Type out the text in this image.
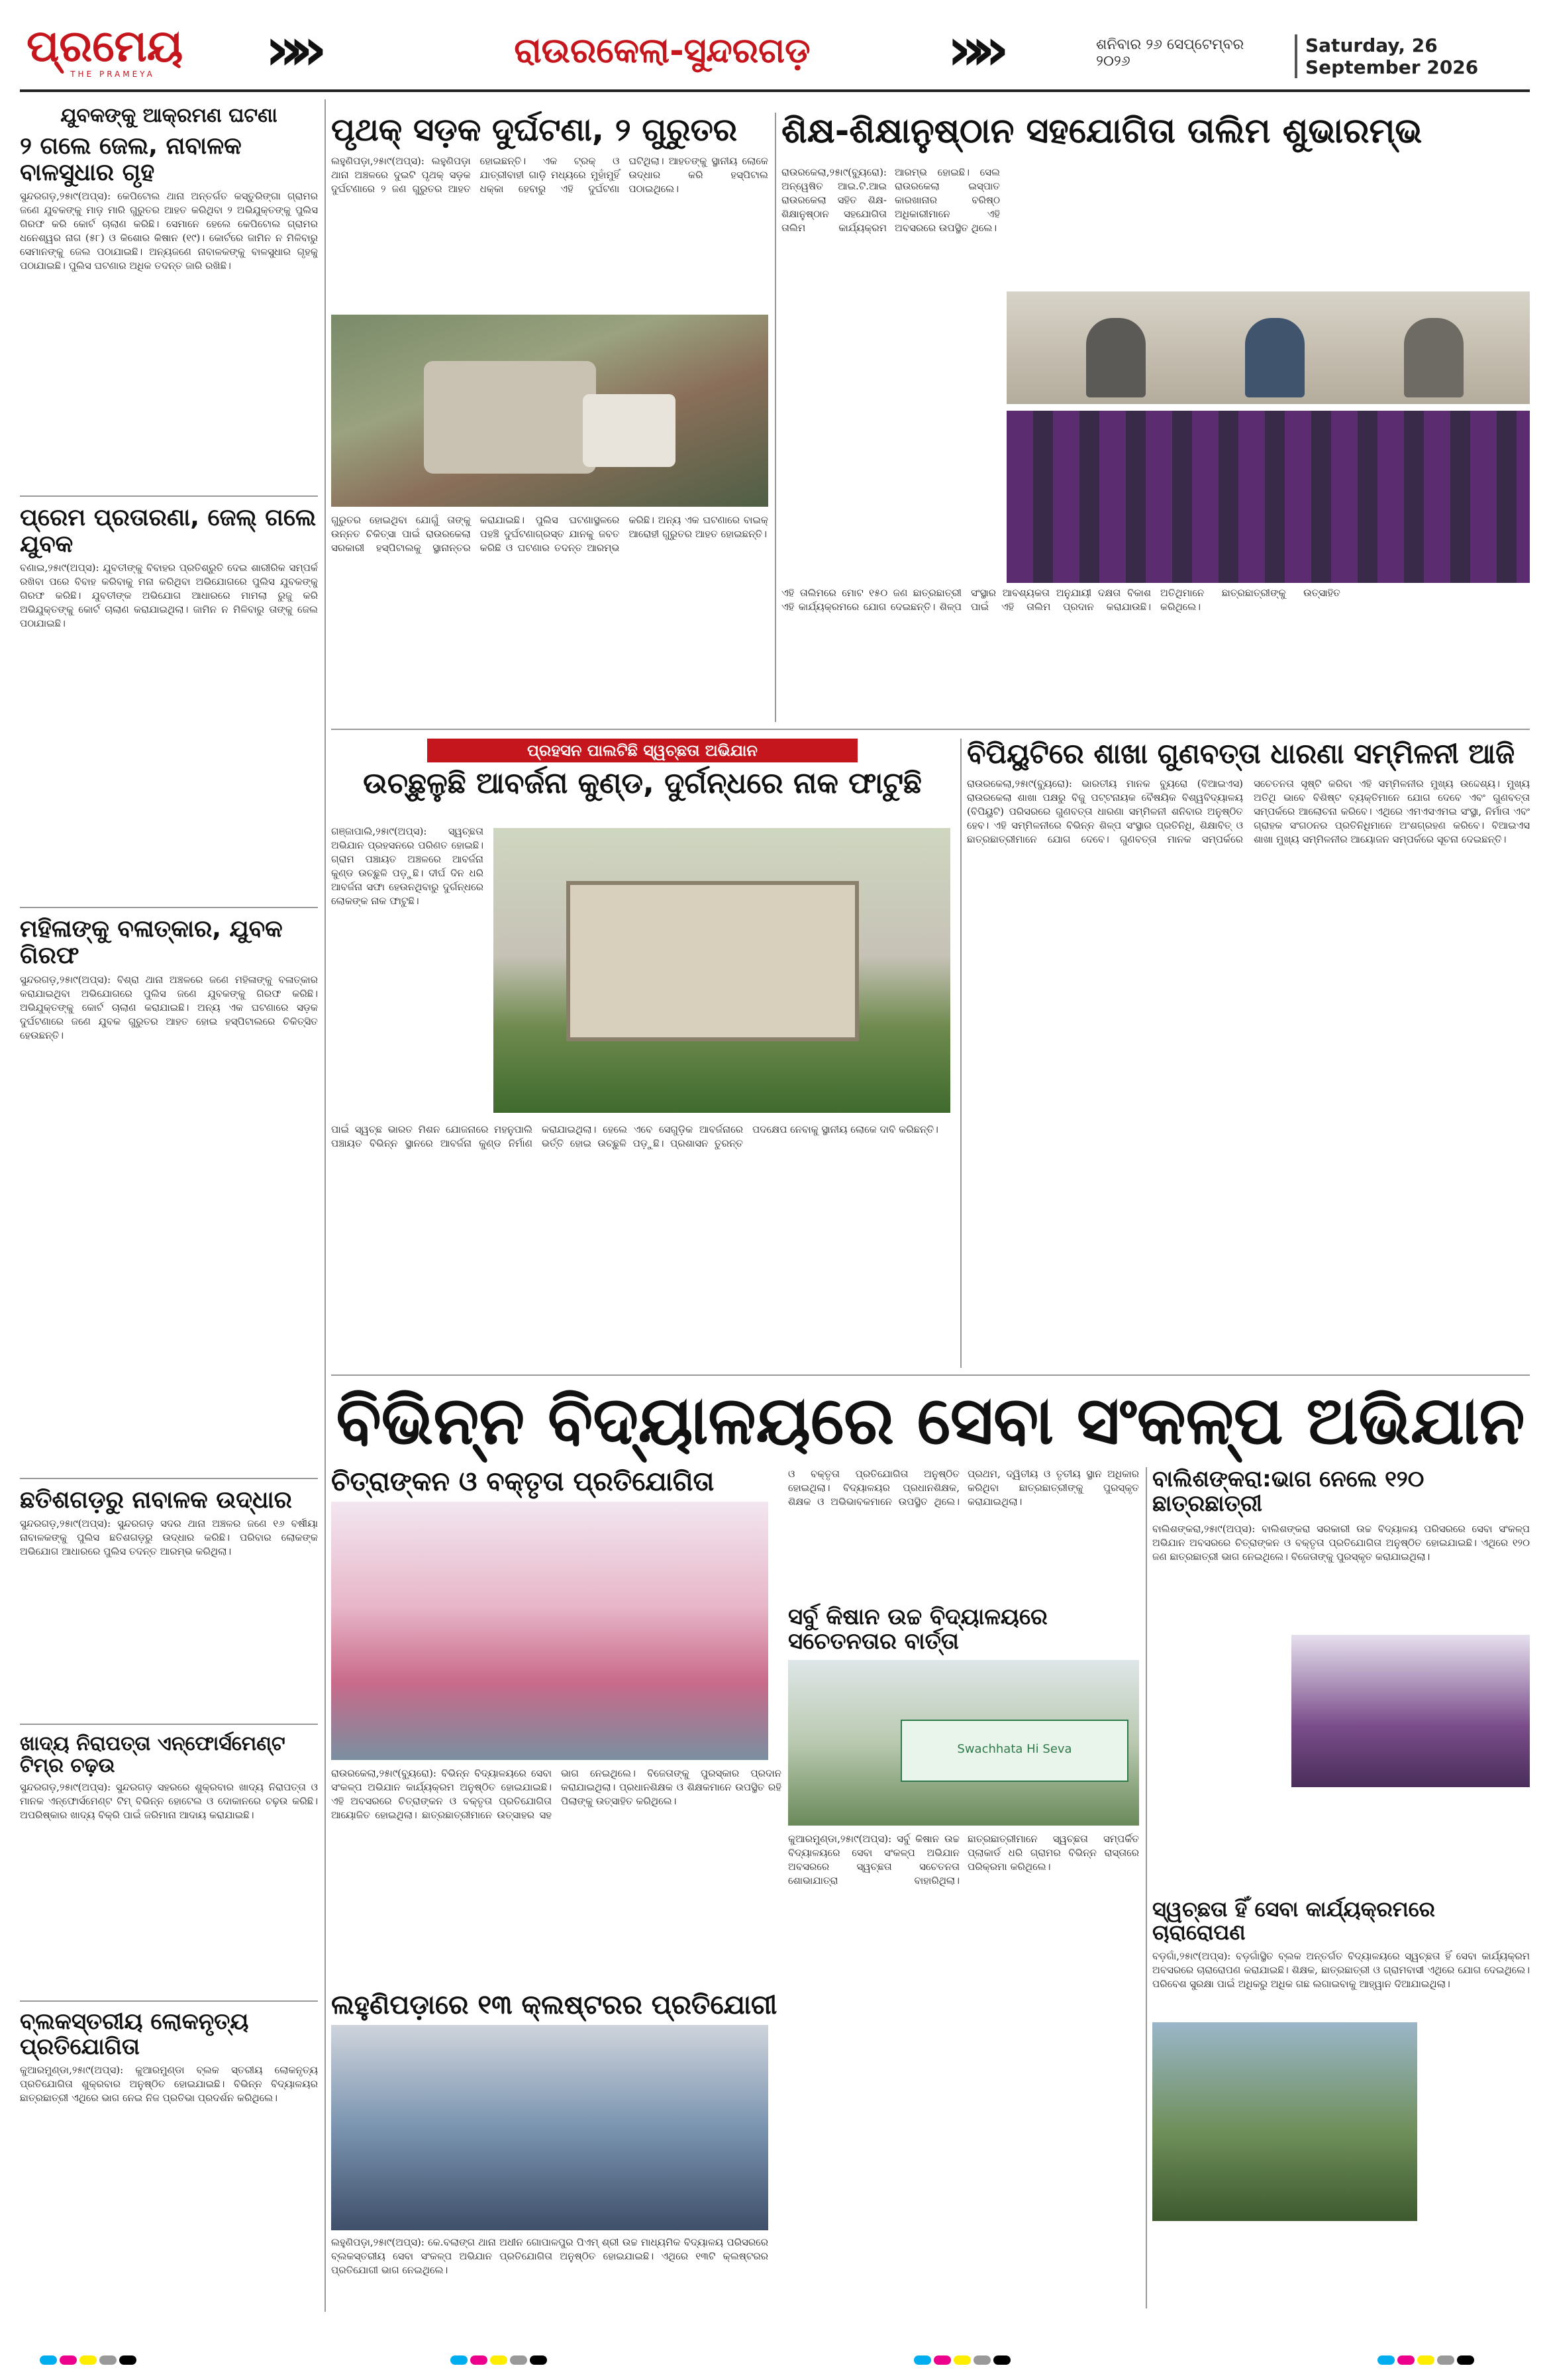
ପ୍ରମେୟ
THE PRAMEYA	»»	ରାଉରକେଲା-ସୁନ୍ଦରଗଡ଼	»»	ଶନିବାର ୨୬ ସେପ୍ଟେମ୍ବର ୨୦୨୬
Saturday, 26 September 2026
ଯୁବକଙ୍କୁ ଆକ୍ରମଣ ଘଟଣା
୨ ଗଲେ ଜେଲ, ନାବାଳକ ବାଳସୁଧାର ଗୃହ
ସୁନ୍ଦରଗଡ଼,୨୫ା୯(ଅପ୍ସ): କେପିଟୋଲ ଥାନା ଅନ୍ତର୍ଗତ କସ୍ତୁରିଙ୍ଗା ଗ୍ରାମର ଜଣେ ଯୁବକଙ୍କୁ ମାଡ଼ ମାରି ଗୁରୁତର ଆହତ କରିଥିବା ୨ ଅଭିଯୁକ୍ତଙ୍କୁ ପୁଲିସ ଗିରଫ କରି କୋର୍ଟ ଚାଲାଣ କରିଛି। ସେମାନେ ହେଲେ କେପିଟୋଲ ଗ୍ରାମର ଧନେଶ୍ୱର ନାଗ (୫୮) ଓ କିଶୋର କିଷାନ (୧୯)। କୋର୍ଟରେ ଜାମିନ ନ ମିଳିବାରୁ ସେମାନଙ୍କୁ ଜେଲ ପଠାଯାଇଛି। ଅନ୍ୟଜଣେ ନାବାଳକଙ୍କୁ ବାଳସୁଧାର ଗୃହକୁ ପଠାଯାଇଛି। ପୁଲିସ ଘଟଣାର ଅଧିକ ତଦନ୍ତ ଜାରି ରଖିଛି।
ପ୍ରେମ ପ୍ରତାରଣା, ଜେଲ୍ ଗଲେ ଯୁବକ
ବଣାଇ,୨୫ା୯(ଅପ୍ସ): ଯୁବତୀଙ୍କୁ ବିବାହର ପ୍ରତିଶ୍ରୁତି ଦେଇ ଶାରୀରିକ ସମ୍ପର୍କ ରଖିବା ପରେ ବିବାହ କରିବାକୁ ମନା କରିଥିବା ଅଭିଯୋଗରେ ପୁଲିସ ଯୁବକଙ୍କୁ ଗିରଫ କରିଛି। ଯୁବତୀଙ୍କ ଅଭିଯୋଗ ଆଧାରରେ ମାମଲା ରୁଜୁ କରି ଅଭିଯୁକ୍ତଙ୍କୁ କୋର୍ଟ ଚାଲାଣ କରାଯାଇଥିଲା। ଜାମିନ ନ ମିଳିବାରୁ ତାଙ୍କୁ ଜେଲ ପଠାଯାଇଛି।
ମହିଳାଙ୍କୁ ବଳାତ୍କାର, ଯୁବକ ଗିରଫ
ସୁନ୍ଦରଗଡ଼,୨୫ା୯(ଅପ୍ସ): ବିଶ୍ରା ଥାନା ଅଞ୍ଚଳରେ ଜଣେ ମହିଳାଙ୍କୁ ବଳାତ୍କାର କରାଯାଇଥିବା ଅଭିଯୋଗରେ ପୁଲିସ ଜଣେ ଯୁବକଙ୍କୁ ଗିରଫ କରିଛି। ଅଭିଯୁକ୍ତଙ୍କୁ କୋର୍ଟ ଚାଲାଣ କରାଯାଇଛି। ଅନ୍ୟ ଏକ ଘଟଣାରେ ସଡ଼କ ଦୁର୍ଘଟଣାରେ ଜଣେ ଯୁବକ ଗୁରୁତର ଆହତ ହୋଇ ହସ୍ପିଟାଲରେ ଚିକିତ୍ସିତ ହେଉଛନ୍ତି।
ଛତିଶଗଡ଼ରୁ ନାବାଳକ ଉଦ୍ଧାର
ସୁନ୍ଦରଗଡ଼,୨୫ା୯(ଅପ୍ସ): ସୁନ୍ଦରଗଡ଼ ସଦର ଥାନା ଅଞ୍ଚଳର ଜଣେ ୧୬ ବର୍ଷୀୟା ନାବାଳକଙ୍କୁ ପୁଲିସ ଛତିଶଗଡ଼ରୁ ଉଦ୍ଧାର କରିଛି। ପରିବାର ଲୋକଙ୍କ ଅଭିଯୋଗ ଆଧାରରେ ପୁଲିସ ତଦନ୍ତ ଆରମ୍ଭ କରିଥିଲା।
ଖାଦ୍ୟ ନିରାପତ୍ତା ଏନ୍‌ଫୋର୍ସମେଣ୍ଟ ଟିମ୍‌ର ଚଢ଼ଉ
ସୁନ୍ଦରଗଡ଼,୨୫ା୯(ଅପ୍ସ): ସୁନ୍ଦରଗଡ଼ ସହରରେ ଶୁକ୍ରବାର ଖାଦ୍ୟ ନିରାପତ୍ତା ଓ ମାନକ ଏନ୍‌ଫୋର୍ସମେଣ୍ଟ ଟିମ୍ ବିଭିନ୍ନ ହୋଟେଲ ଓ ଦୋକାନରେ ଚଢ଼ଉ କରିଛି। ଅପରିଷ୍କାର ଖାଦ୍ୟ ବିକ୍ରି ପାଇଁ ଜରିମାନା ଆଦାୟ କରାଯାଇଛି।
ବ୍ଲକସ୍ତରୀୟ ଲୋକନୃତ୍ୟ ପ୍ରତିଯୋଗିତା
କୁଆରମୁଣ୍ଡା,୨୫ା୯(ଅପ୍ସ): କୁଆରମୁଣ୍ଡା ବ୍ଲକ ସ୍ତରୀୟ ଲୋକନୃତ୍ୟ ପ୍ରତିଯୋଗିତା ଶୁକ୍ରବାର ଅନୁଷ୍ଠିତ ହୋଇଯାଇଛି। ବିଭିନ୍ନ ବିଦ୍ୟାଳୟର ଛାତ୍ରଛାତ୍ରୀ ଏଥିରେ ଭାଗ ନେଇ ନିଜ ପ୍ରତିଭା ପ୍ରଦର୍ଶନ କରିଥିଲେ।
ପୃଥକ୍ ସଡ଼କ ଦୁର୍ଘଟଣା, ୨ ଗୁରୁତର
ଲହୁଣିପଡ଼ା,୨୫ା୯(ଅପ୍ସ): ଲହୁଣିପଡ଼ା ଥାନା ଅଞ୍ଚଳରେ ଦୁଇଟି ପୃଥକ୍ ସଡ଼କ ଦୁର୍ଘଟଣାରେ ୨ ଜଣ ଗୁରୁତର ଆହତ ହୋଇଛନ୍ତି। ଏକ ଟ୍ରକ୍ ଓ ଯାତ୍ରୀବାହୀ ଗାଡ଼ି ମଧ୍ୟରେ ମୁହାଁମୁହିଁ ଧକ୍କା ହେବାରୁ ଏହି ଦୁର୍ଘଟଣା ଘଟିଥିଲା। ଆହତଙ୍କୁ ସ୍ଥାନୀୟ ଲୋକେ ଉଦ୍ଧାର କରି ହସ୍ପିଟାଲ ପଠାଇଥିଲେ।
ଗୁରୁତର ହୋଇଥିବା ଯୋଗୁଁ ତାଙ୍କୁ ଉନ୍ନତ ଚିକିତ୍ସା ପାଇଁ ରାଉରକେଲା ସରକାରୀ ହସ୍ପିଟାଲକୁ ସ୍ଥାନାନ୍ତର କରାଯାଇଛି। ପୁଲିସ ଘଟଣାସ୍ଥଳରେ ପହଞ୍ଚି ଦୁର୍ଘଟଣାଗ୍ରସ୍ତ ଯାନକୁ ଜବତ କରିଛି ଓ ଘଟଣାର ତଦନ୍ତ ଆରମ୍ଭ କରିଛି। ଅନ୍ୟ ଏକ ଘଟଣାରେ ବାଇକ୍ ଆରୋହୀ ଗୁରୁତର ଆହତ ହୋଇଛନ୍ତି।
ଶିକ୍ଷ-ଶିକ୍ଷାନୁଷ୍ଠାନ ସହଯୋଗିତା ତାଲିମ ଶୁଭାରମ୍ଭ
ରାଉରକେଲା,୨୫ା୯(ବ୍ୟୁରୋ): ଅନ୍ୱେଷିତ ଆଇ.ଟି.ଆଇ ରାଉରକେଲା ସହିତ ଶିକ୍ଷ-ଶିକ୍ଷାନୁଷ୍ଠାନ ସହଯୋଗିତା ତାଲିମ କାର୍ଯ୍ୟକ୍ରମ ଆରମ୍ଭ ହୋଇଛି। ସେଲ ରାଉରକେଲା ଇସ୍ପାତ କାରଖାନାର ବରିଷ୍ଠ ଅଧିକାରୀମାନେ ଏହି ଅବସରରେ ଉପସ୍ଥିତ ଥିଲେ।
ଏହି ତାଲିମରେ ମୋଟ ୧୫୦ ଜଣ ଛାତ୍ରଛାତ୍ରୀ ଏହି କାର୍ଯ୍ୟକ୍ରମରେ ଯୋଗ ଦେଇଛନ୍ତି। ଶିଳ୍ପ ସଂସ୍ଥାର ଆବଶ୍ୟକତା ଅନୁଯାୟୀ ଦକ୍ଷତା ବିକାଶ ପାଇଁ ଏହି ତାଲିମ ପ୍ରଦାନ କରାଯାଉଛି। ଅତିଥିମାନେ ଛାତ୍ରଛାତ୍ରୀଙ୍କୁ ଉତ୍ସାହିତ କରିଥିଲେ।
ପ୍ରହସନ ପାଲଟିଛି ସ୍ୱଚ୍ଛତା ଅଭିଯାନ
ଉଚ୍ଛୁଳୁଛି ଆବର୍ଜନା କୁଣ୍ଡ, ଦୁର୍ଗନ୍ଧରେ ନାକ ଫାଟୁଛି
ଗଞ୍ଜାପାଲି,୨୫ା୯(ଅପ୍ସ): ସ୍ୱଚ୍ଛତା ଅଭିଯାନ ପ୍ରହସନରେ ପରିଣତ ହୋଇଛି। ଗ୍ରାମ ପଞ୍ଚାୟତ ଅଞ୍ଚଳରେ ଆବର୍ଜନା କୁଣ୍ଡ ଉଚ୍ଛୁଳି ପଡ଼ୁଛି। ଦୀର୍ଘ ଦିନ ଧରି ଆବର୍ଜନା ସଫା ହେଉନଥିବାରୁ ଦୁର୍ଗନ୍ଧରେ ଲୋକଙ୍କ ନାକ ଫାଟୁଛି।
ପାଇଁ ସ୍ୱଚ୍ଛ ଭାରତ ମିଶନ ଯୋଜନାରେ ମହନୁପାଲି ପଞ୍ଚାୟତ ବିଭିନ୍ନ ସ୍ଥାନରେ ଆବର୍ଜନା କୁଣ୍ଡ ନିର୍ମାଣ କରାଯାଇଥିଲା। ହେଲେ ଏବେ ସେଗୁଡ଼ିକ ଆବର୍ଜନାରେ ଭର୍ତ୍ତି ହୋଇ ଉଚ୍ଛୁଳି ପଡ଼ୁଛି। ପ୍ରଶାସନ ତୁରନ୍ତ ପଦକ୍ଷେପ ନେବାକୁ ସ୍ଥାନୀୟ ଲୋକେ ଦାବି କରିଛନ୍ତି।
ବିପିୟୁଟିରେ ଶାଖା ଗୁଣବତ୍ତା ଧାରଣା ସମ୍ମିଳନୀ ଆଜି
ରାଉରକେଲା,୨୫ା୯(ବ୍ୟୁରୋ): ଭାରତୀୟ ମାନକ ବ୍ୟୁରୋ (ବିଆଇଏସ) ରାଉରକେଲା ଶାଖା ପକ୍ଷରୁ ବିଜୁ ପଟ୍ଟନାୟକ ବୈଷୟିକ ବିଶ୍ୱବିଦ୍ୟାଳୟ (ବିପିୟୁଟି) ପରିସରରେ ଗୁଣବତ୍ତା ଧାରଣା ସମ୍ମିଳନୀ ଶନିବାର ଅନୁଷ୍ଠିତ ହେବ। ଏହି ସମ୍ମିଳନୀରେ ବିଭିନ୍ନ ଶିଳ୍ପ ସଂସ୍ଥାର ପ୍ରତିନିଧି, ଶିକ୍ଷାବିତ୍ ଓ ଛାତ୍ରଛାତ୍ରୀମାନେ ଯୋଗ ଦେବେ। ଗୁଣବତ୍ତା ମାନକ ସମ୍ପର୍କରେ ସଚେତନତା ସୃଷ୍ଟି କରିବା ଏହି ସମ୍ମିଳନୀର ମୁଖ୍ୟ ଉଦ୍ଦେଶ୍ୟ। ମୁଖ୍ୟ ଅତିଥି ଭାବେ ବିଶିଷ୍ଟ ବ୍ୟକ୍ତିମାନେ ଯୋଗ ଦେବେ ଏବଂ ଗୁଣବତ୍ତା ସମ୍ପର୍କରେ ଆଲୋଚନା କରିବେ। ଏଥିରେ ଏମଏସଏମଇ ସଂସ୍ଥା, ନିର୍ମାତା ଏବଂ ଗ୍ରାହକ ସଂଗଠନର ପ୍ରତିନିଧିମାନେ ଅଂଶଗ୍ରହଣ କରିବେ। ବିଆଇଏସ ଶାଖା ମୁଖ୍ୟ ସମ୍ମିଳନୀର ଆୟୋଜନ ସମ୍ପର୍କରେ ସୂଚନା ଦେଇଛନ୍ତି।
ବିଭିନ୍ନ ବିଦ୍ୟାଳୟରେ ସେବା ସଂକଳ୍ପ ଅଭିଯାନ
ଚିତ୍ରାଙ୍କନ ଓ ବକ୍ତୃତା ପ୍ରତିଯୋଗିତା
ରାଉରକେଲା,୨୫ା୯(ବ୍ୟୁରୋ): ବିଭିନ୍ନ ବିଦ୍ୟାଳୟରେ ସେବା ସଂକଳ୍ପ ଅଭିଯାନ କାର୍ଯ୍ୟକ୍ରମ ଅନୁଷ୍ଠିତ ହୋଇଯାଇଛି। ଏହି ଅବସରରେ ଚିତ୍ରାଙ୍କନ ଓ ବକ୍ତୃତା ପ୍ରତିଯୋଗିତା ଆୟୋଜିତ ହୋଇଥିଲା। ଛାତ୍ରଛାତ୍ରୀମାନେ ଉତ୍ସାହର ସହ ଭାଗ ନେଇଥିଲେ। ବିଜେତାଙ୍କୁ ପୁରସ୍କାର ପ୍ରଦାନ କରାଯାଇଥିଲା। ପ୍ରଧାନଶିକ୍ଷକ ଓ ଶିକ୍ଷକମାନେ ଉପସ୍ଥିତ ରହି ପିଲାଙ୍କୁ ଉତ୍ସାହିତ କରିଥିଲେ।
ଓ ବକ୍ତୃତା ପ୍ରତିଯୋଗିତା ଅନୁଷ୍ଠିତ ହୋଇଥିଲା। ବିଦ୍ୟାଳୟର ପ୍ରଧାନଶିକ୍ଷକ, ଶିକ୍ଷକ ଓ ଅଭିଭାବକମାନେ ଉପସ୍ଥିତ ଥିଲେ। ପ୍ରଥମ, ଦ୍ୱିତୀୟ ଓ ତୃତୀୟ ସ୍ଥାନ ଅଧିକାର କରିଥିବା ଛାତ୍ରଛାତ୍ରୀଙ୍କୁ ପୁରସ୍କୃତ କରାଯାଇଥିଲା।
ସର୍ବୁ କିଷାନ ଉଚ୍ଚ ବିଦ୍ୟାଳୟରେ ସଚେତନତାର ବାର୍ତ୍ତା
Swachhata Hi Seva
କୁଆରମୁଣ୍ଡା,୨୫ା୯(ଅପ୍ସ): ସର୍ବୁ କିଷାନ ଉଚ୍ଚ ବିଦ୍ୟାଳୟରେ ସେବା ସଂକଳ୍ପ ଅଭିଯାନ ଅବସରରେ ସ୍ୱଚ୍ଛତା ସଚେତନତା ଶୋଭାଯାତ୍ରା ବାହାରିଥିଲା। ଛାତ୍ରଛାତ୍ରୀମାନେ ସ୍ୱଚ୍ଛତା ସମ୍ପର୍କିତ ପ୍ଲାକାର୍ଡ ଧରି ଗ୍ରାମର ବିଭିନ୍ନ ରାସ୍ତାରେ ପରିକ୍ରମା କରିଥିଲେ।
ବାଲିଶଙ୍କରା:ଭାଗ ନେଲେ ୧୨୦ ଛାତ୍ରଛାତ୍ରୀ
ବାଲିଶଙ୍କରା,୨୫ା୯(ଅପ୍ସ): ବାଲିଶଙ୍କରା ସରକାରୀ ଉଚ୍ଚ ବିଦ୍ୟାଳୟ ପରିସରରେ ସେବା ସଂକଳ୍ପ ଅଭିଯାନ ଅବସରରେ ଚିତ୍ରାଙ୍କନ ଓ ବକ୍ତୃତା ପ୍ରତିଯୋଗିତା ଅନୁଷ୍ଠିତ ହୋଇଯାଇଛି। ଏଥିରେ ୧୨୦ ଜଣ ଛାତ୍ରଛାତ୍ରୀ ଭାଗ ନେଇଥିଲେ। ବିଜେତାଙ୍କୁ ପୁରସ୍କୃତ କରାଯାଇଥିଲା।
ସ୍ୱଚ୍ଛତା ହିଁ ସେବା କାର୍ଯ୍ୟକ୍ରମରେ ଚାରାରୋପଣ
ବଡ଼ଗାଁ,୨୫ା୯(ଅପ୍ସ): ବଡ଼ଗାଁସ୍ଥିତ ବ୍ଲକ ଅନ୍ତର୍ଗତ ବିଦ୍ୟାଳୟରେ ସ୍ୱଚ୍ଛତା ହିଁ ସେବା କାର୍ଯ୍ୟକ୍ରମ ଅବସରରେ ଚାରାରୋପଣ କରାଯାଇଛି। ଶିକ୍ଷକ, ଛାତ୍ରଛାତ୍ରୀ ଓ ଗ୍ରାମବାସୀ ଏଥିରେ ଯୋଗ ଦେଇଥିଲେ। ପରିବେଶ ସୁରକ୍ଷା ପାଇଁ ଅଧିକରୁ ଅଧିକ ଗଛ ଲଗାଇବାକୁ ଆହ୍ୱାନ ଦିଆଯାଇଥିଲା।
ଲହୁଣିପଡ଼ାରେ ୧୩ କ୍ଲଷ୍ଟରର ପ୍ରତିଯୋଗୀ
ଲହୁଣିପଡ଼ା,୨୫ା୯(ଅପ୍ସ): କେ.ବଲାଙ୍ଗ ଥାନା ଅଧୀନ ଗୋପାଳପୁର ପିଏମ୍ ଶ୍ରୀ ଉଚ୍ଚ ମାଧ୍ୟମିକ ବିଦ୍ୟାଳୟ ପରିସରରେ ବ୍ଲକସ୍ତରୀୟ ସେବା ସଂକଳ୍ପ ଅଭିଯାନ ପ୍ରତିଯୋଗିତା ଅନୁଷ୍ଠିତ ହୋଇଯାଇଛି। ଏଥିରେ ୧୩ଟି କ୍ଲଷ୍ଟରର ପ୍ରତିଯୋଗୀ ଭାଗ ନେଇଥିଲେ।
